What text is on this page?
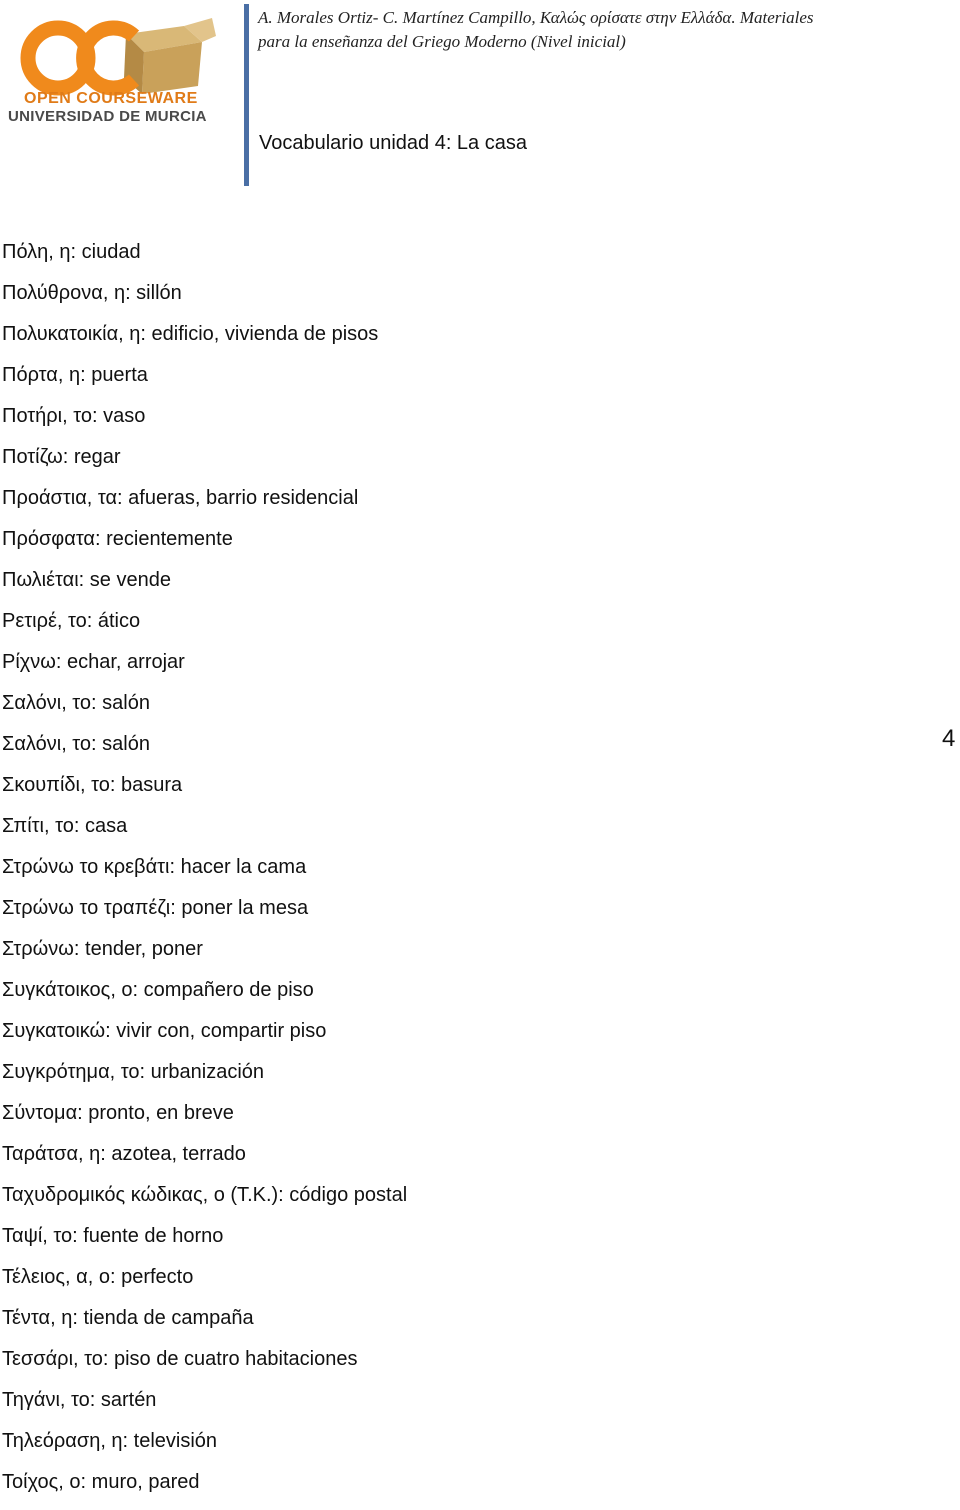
OPEN COURSEWARE
UNIVERSIDAD DE MURCIA

A. Morales Ortiz- C. Martínez Campillo, Καλώς ορίσατε στην Ελλάδα. Materiales
para la enseñanza del Griego Moderno (Nivel inicial)

Vocabulario unidad 4: La casa
Πόλη, η: ciudad
Πολύθρονα, η: sillón
Πολυκατοικία, η: edificio, vivienda de pisos
Πόρτα, η: puerta
Ποτήρι, το: vaso
Ποτίζω: regar
Προάστια, τα: afueras, barrio residencial
Πρόσφατα: recientemente
Πωλιέται: se vende
Ρετιρέ, το: ático
Ρίχνω: echar, arrojar
Σαλόνι, το: salón
Σαλόνι, το: salón
Σκουπίδι, το: basura
Σπίτι, το: casa
Στρώνω το κρεβάτι: hacer la cama
Στρώνω το τραπέζι: poner la mesa
Στρώνω: tender, poner
Συγκάτοικος, ο: compañero de piso
Συγκατοικώ: vivir con, compartir piso
Συγκρότημα, το: urbanización
Σύντομα: pronto, en breve
Ταράτσα, η: azotea, terrado
Ταχυδρομικός κώδικας, ο (Τ.Κ.): código postal
Ταψί, το: fuente de horno
Τέλειος, α, ο: perfecto
Τέντα, η: tienda de campaña
Τεσσάρι, το: piso de cuatro habitaciones
Τηγάνι, το: sartén
Τηλεόραση, η: televisión
Τοίχος, ο: muro, pared
4
